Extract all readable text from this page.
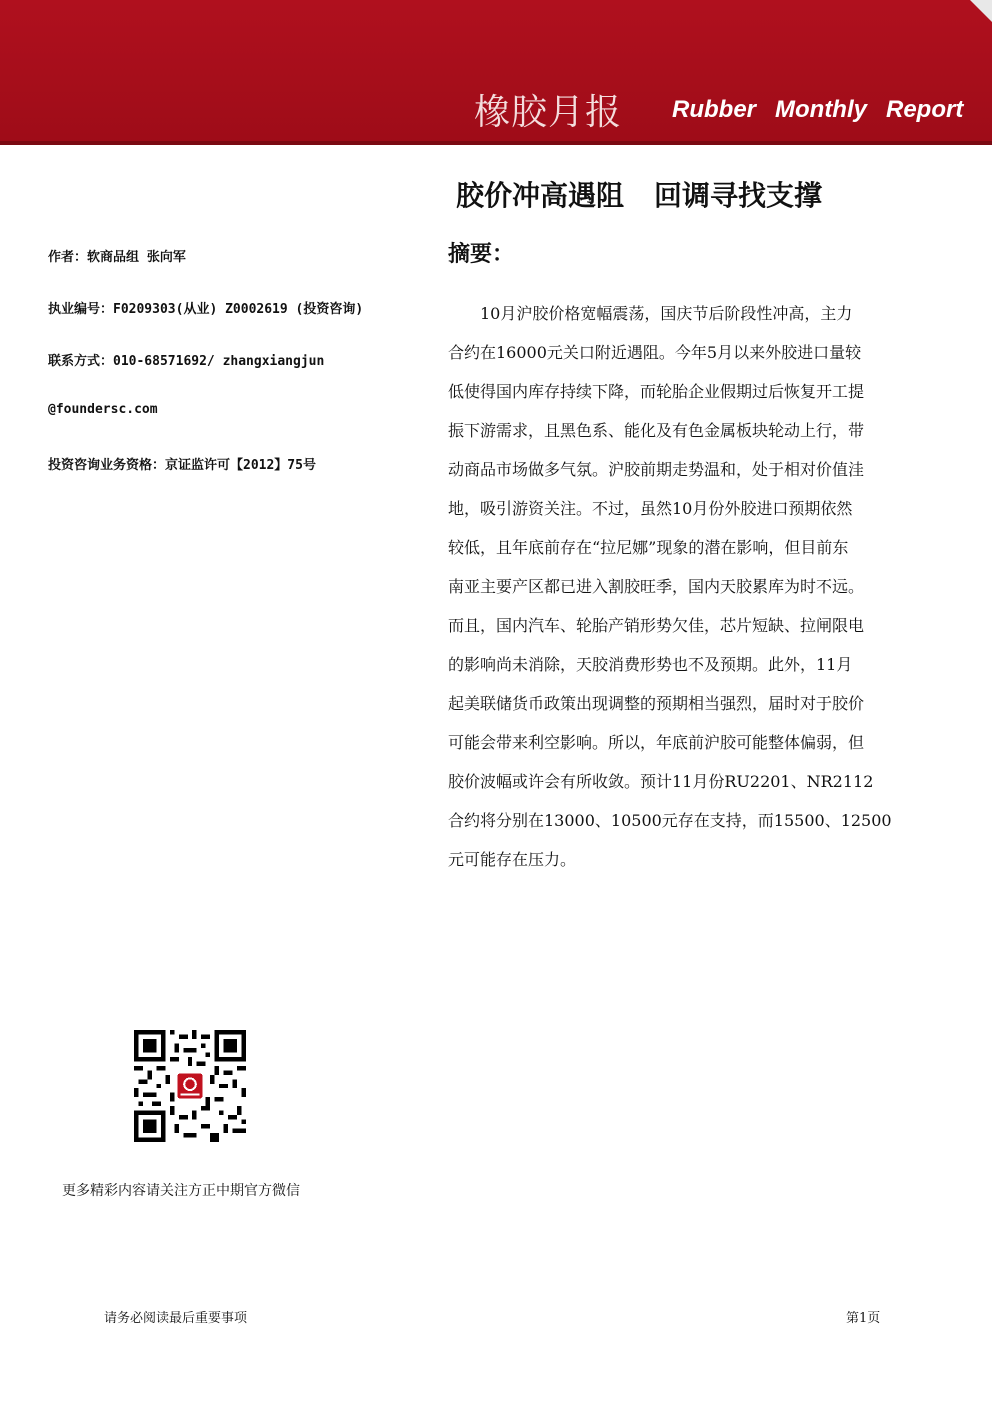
橡胶月报 Rubber Monthly Report
胶价冲高遇阻 回调寻找支撑
作者：软商品组 张向军
执业编号：F0209303(从业) Z0002619 (投资咨询)
联系方式：010-68571692/ zhangxiangjun
@foundersc.com
投资咨询业务资格：京证监许可【2012】75号
摘要：
　　10月沪胶价格宽幅震荡，国庆节后阶段性冲高，主力
合约在16000元关口附近遇阻。今年5月以来外胶进口量较
低使得国内库存持续下降，而轮胎企业假期过后恢复开工提
振下游需求，且黑色系、能化及有色金属板块轮动上行，带
动商品市场做多气氛。沪胶前期走势温和，处于相对价值洼
地，吸引游资关注。不过，虽然10月份外胶进口预期依然
较低，且年底前存在“拉尼娜”现象的潜在影响，但目前东
南亚主要产区都已进入割胶旺季，国内天胶累库为时不远。
而且，国内汽车、轮胎产销形势欠佳，芯片短缺、拉闸限电
的影响尚未消除，天胶消费形势也不及预期。此外，11月
起美联储货币政策出现调整的预期相当强烈，届时对于胶价
可能会带来利空影响。所以，年底前沪胶可能整体偏弱，但
胶价波幅或许会有所收敛。预计11月份RU2201、NR2112
合约将分别在13000、10500元存在支持，而15500、12500
元可能存在压力。
更多精彩内容请关注方正中期官方微信
请务必阅读最后重要事项	第1页
